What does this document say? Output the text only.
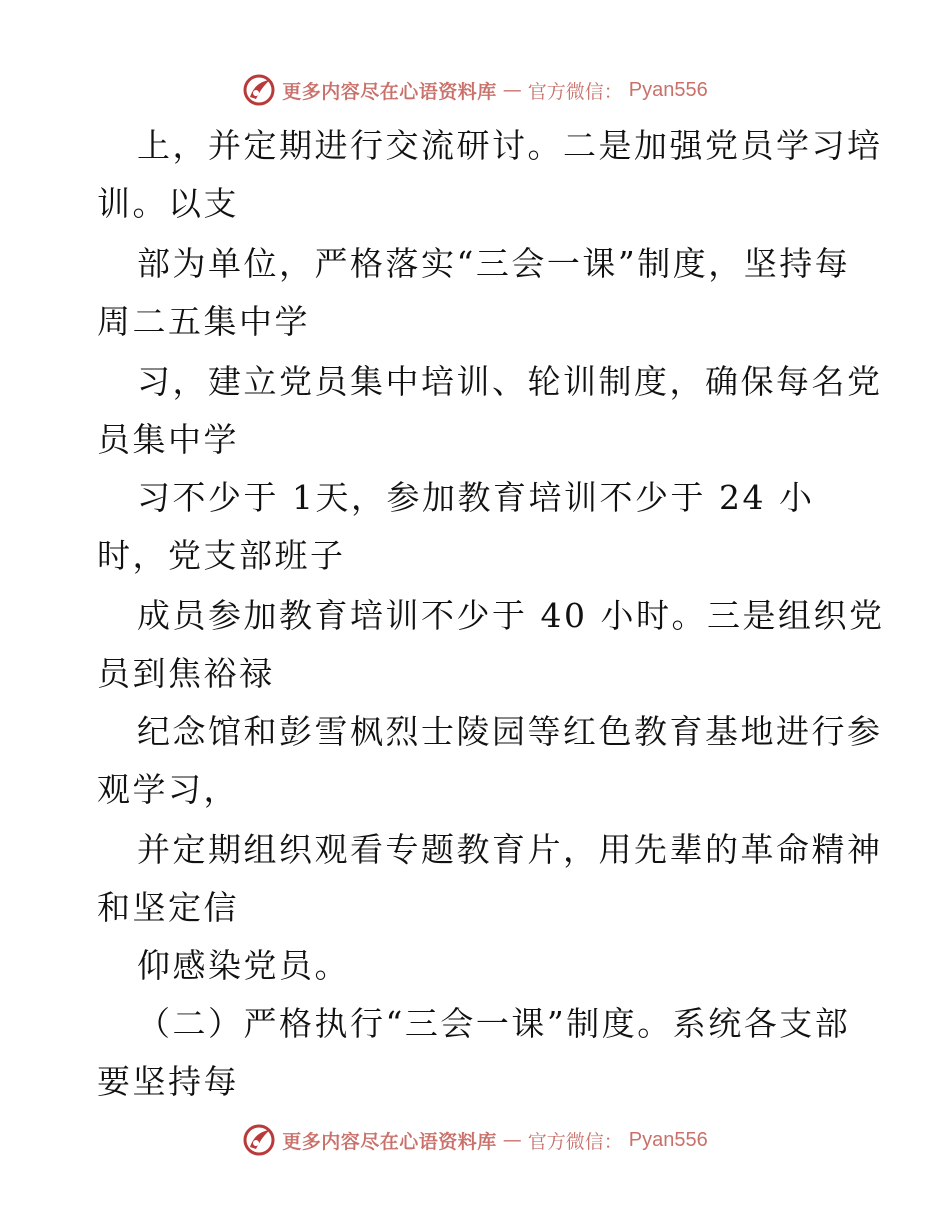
更多内容尽在心语资料库 — 官方微信： Pyan556
上，并定期进行交流研讨。二是加强党员学习培
训。以支
部为单位，严格落实“三会一课”制度，坚持每
周二五集中学
习，建立党员集中培训、轮训制度，确保每名党
员集中学
习不少于 1天，参加教育培训不少于 24 小
时，党支部班子
成员参加教育培训不少于 40 小时。三是组织党
员到焦裕禄
纪念馆和彭雪枫烈士陵园等红色教育基地进行参
观学习，
并定期组织观看专题教育片，用先辈的革命精神
和坚定信
仰感染党员。
（二）严格执行“三会一课”制度。系统各支部
要坚持每
更多内容尽在心语资料库 — 官方微信： Pyan556
